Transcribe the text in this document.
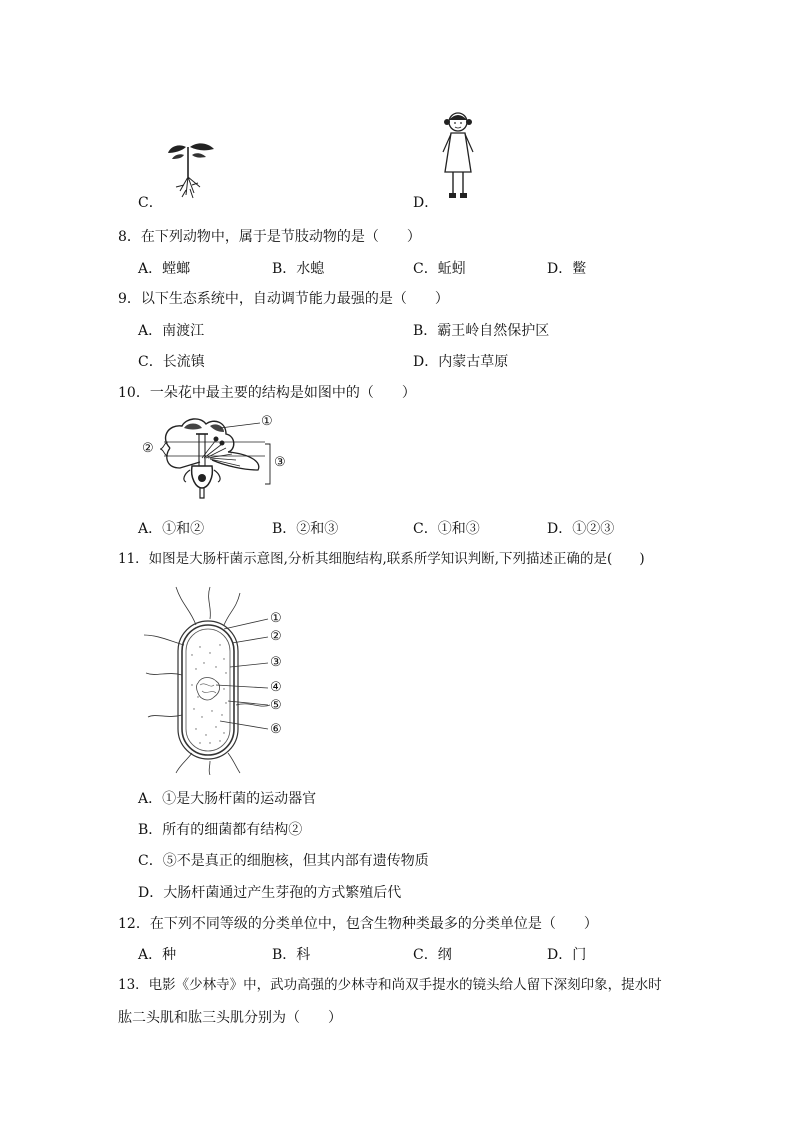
C．	D．
8．在下列动物中，属于是节肢动物的是（　　）
A．螳螂	B．水螅	C．蚯蚓	D．鳖
9．以下生态系统中，自动调节能力最强的是（　　）
A．南渡江	B．霸王岭自然保护区
C．长流镇	D．内蒙古草原
10．一朵花中最主要的结构是如图中的（　　）
①
②
③
A．①和②	B．②和③	C．①和③	D．①②③
11．如图是大肠杆菌示意图,分析其细胞结构,联系所学知识判断,下列描述正确的是(　　)
①
②
③
④
⑤
⑥
A．①是大肠杆菌的运动器官
B．所有的细菌都有结构②
C．⑤不是真正的细胞核，但其内部有遗传物质
D．大肠杆菌通过产生芽孢的方式繁殖后代
12．在下列不同等级的分类单位中，包含生物种类最多的分类单位是（　　）
A．种	B．科	C．纲	D．门
13．电影《少林寺》中，武功高强的少林寺和尚双手提水的镜头给人留下深刻印象，提水时
肱二头肌和肱三头肌分别为（　　）
